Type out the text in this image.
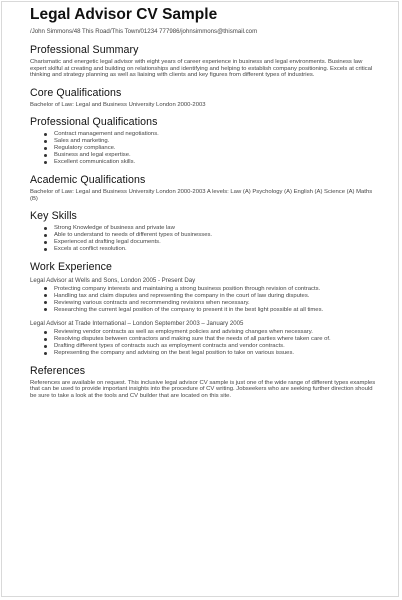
Legal Advisor CV Sample
/John Simmons/48 This Road/This Town/01234 777986/johnsimmons@thismail.com
Professional Summary

Charismatic and energetic legal advisor with eight years of career experience in business and legal environments. Business law expert skilful at creating and building on relationships and identifying and helping to establish company positioning. Excels at critical thinking and strategy planning as well as liaising with clients and key figures from different types of industries.

Core Qualifications

Bachelor of Law: Legal and Business University London 2000-2003

Professional Qualifications
Contract management and negotiations.
Sales and marketing.
Regulatory compliance.
Business and legal expertise.
Excellent communication skills.
Academic Qualifications

Bachelor of Law: Legal and Business University London 2000-2003 A levels: Law (A) Psychology (A) English (A) Science (A) Maths (B)

Key Skills
Strong Knowledge of business and private law
Able to understand to needs of different types of businesses.
Experienced at drafting legal documents.
Excels at conflict resolution.
Work Experience
Legal Advisor at Wells and Sons, London 2005 - Present Day
Protecting company interests and maintaining a strong business position through revision of contracts.
Handling tax and claim disputes and representing the company in the court of law during disputes.
Reviewing various contracts and recommending revisions when necessary.
Researching the current legal position of the company to present it in the best light possible at all times.
Legal Advisor at Trade International – London September 2003 – January 2005
Reviewing vendor contracts as well as employment policies and advising changes when necessary.
Resolving disputes between contractors and making sure that the needs of all parties where taken care of.
Drafting different types of contracts such as employment contracts and vendor contracts.
Representing the company and advising on the best legal position to take on various issues.
References

References are available on request. This inclusive legal advisor CV sample is just one of the wide range of different types examples that can be used to provide important insights into the procedure of CV writing. Jobseekers who are seeking further direction should be sure to take a look at the tools and CV builder that are located on this site.
